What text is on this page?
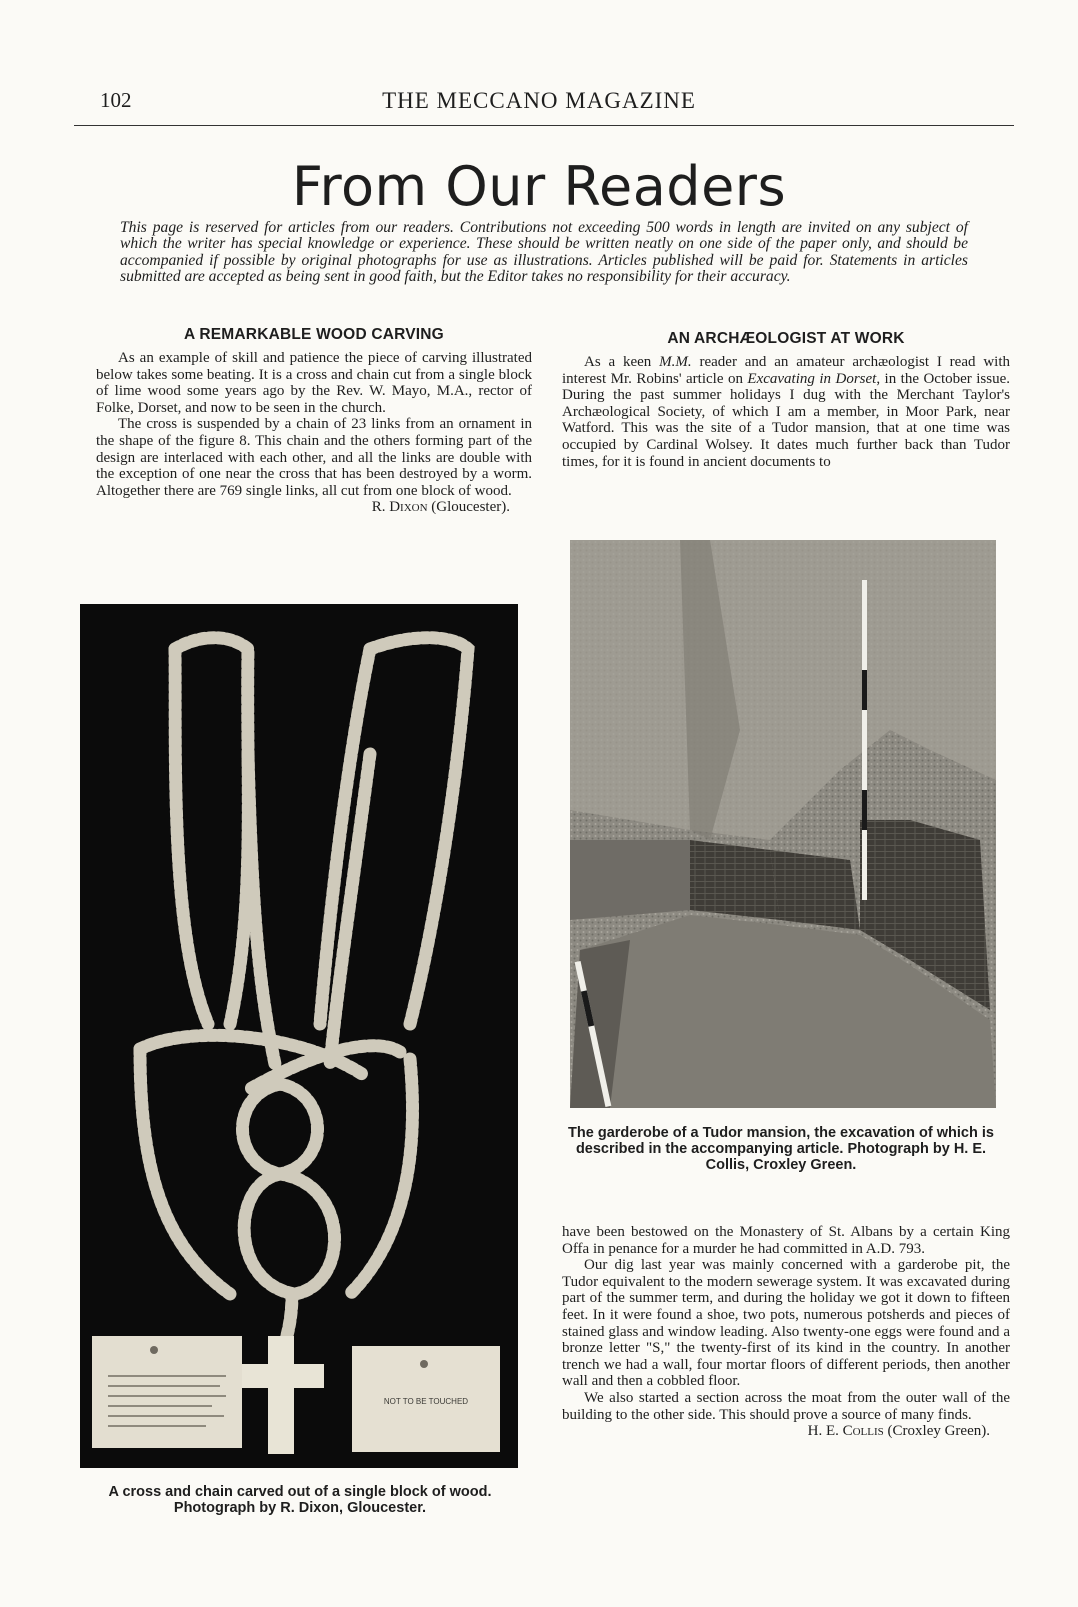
102	THE MECCANO MAGAZINE
From Our Readers

This page is reserved for articles from our readers. Contributions not exceeding 500 words in length are invited on any subject of which the writer has special knowledge or experience. These should be written neatly on one side of the paper only, and should be accompanied if possible by original photographs for use as illustrations. Articles published will be paid for. Statements in articles submitted are accepted as being sent in good faith, but the Editor takes no responsibility for their accuracy.

A REMARKABLE WOOD CARVING

As an example of skill and patience the piece of carving illustrated below takes some beating. It is a cross and chain cut from a single block of lime wood some years ago by the Rev. W. Mayo, M.A., rector of Folke, Dorset, and now to be seen in the church.

The cross is suspended by a chain of 23 links from an ornament in the shape of the figure 8. This chain and the others forming part of the design are interlaced with each other, and all the links are double with the exception of one near the cross that has been destroyed by a worm. Altogether there are 769 single links, all cut from one block of wood.

R. Dixon (Gloucester).
NOT TO BE TOUCHED
A cross and chain carved out of a single block of wood.
Photograph by R. Dixon, Gloucester.
AN ARCHÆOLOGIST AT WORK

As a keen M.M. reader and an amateur archæologist I read with interest Mr. Robins' article on Excavating in Dorset, in the October issue. During the past summer holidays I dug with the Merchant Taylor's Archæological Society, of which I am a member, in Moor Park, near Watford. This was the site of a Tudor mansion, that at one time was occupied by Cardinal Wolsey. It dates much further back than Tudor times, for it is found in ancient documents to

The garderobe of a Tudor mansion, the excavation of which is described in the accompanying article. Photograph by H. E. Collis, Croxley Green.

have been bestowed on the Monastery of St. Albans by a certain King Offa in penance for a murder he had committed in A.D. 793.

Our dig last year was mainly concerned with a garderobe pit, the Tudor equivalent to the modern sewerage system. It was excavated during part of the summer term, and during the holiday we got it down to fifteen feet. In it were found a shoe, two pots, numerous potsherds and pieces of stained glass and window leading. Also twenty-one eggs were found and a bronze letter "S," the twenty-first of its kind in the country. In another trench we had a wall, four mortar floors of different periods, then another wall and then a cobbled floor.

We also started a section across the moat from the outer wall of the building to the other side. This should prove a source of many finds.

H. E. Collis (Croxley Green).
